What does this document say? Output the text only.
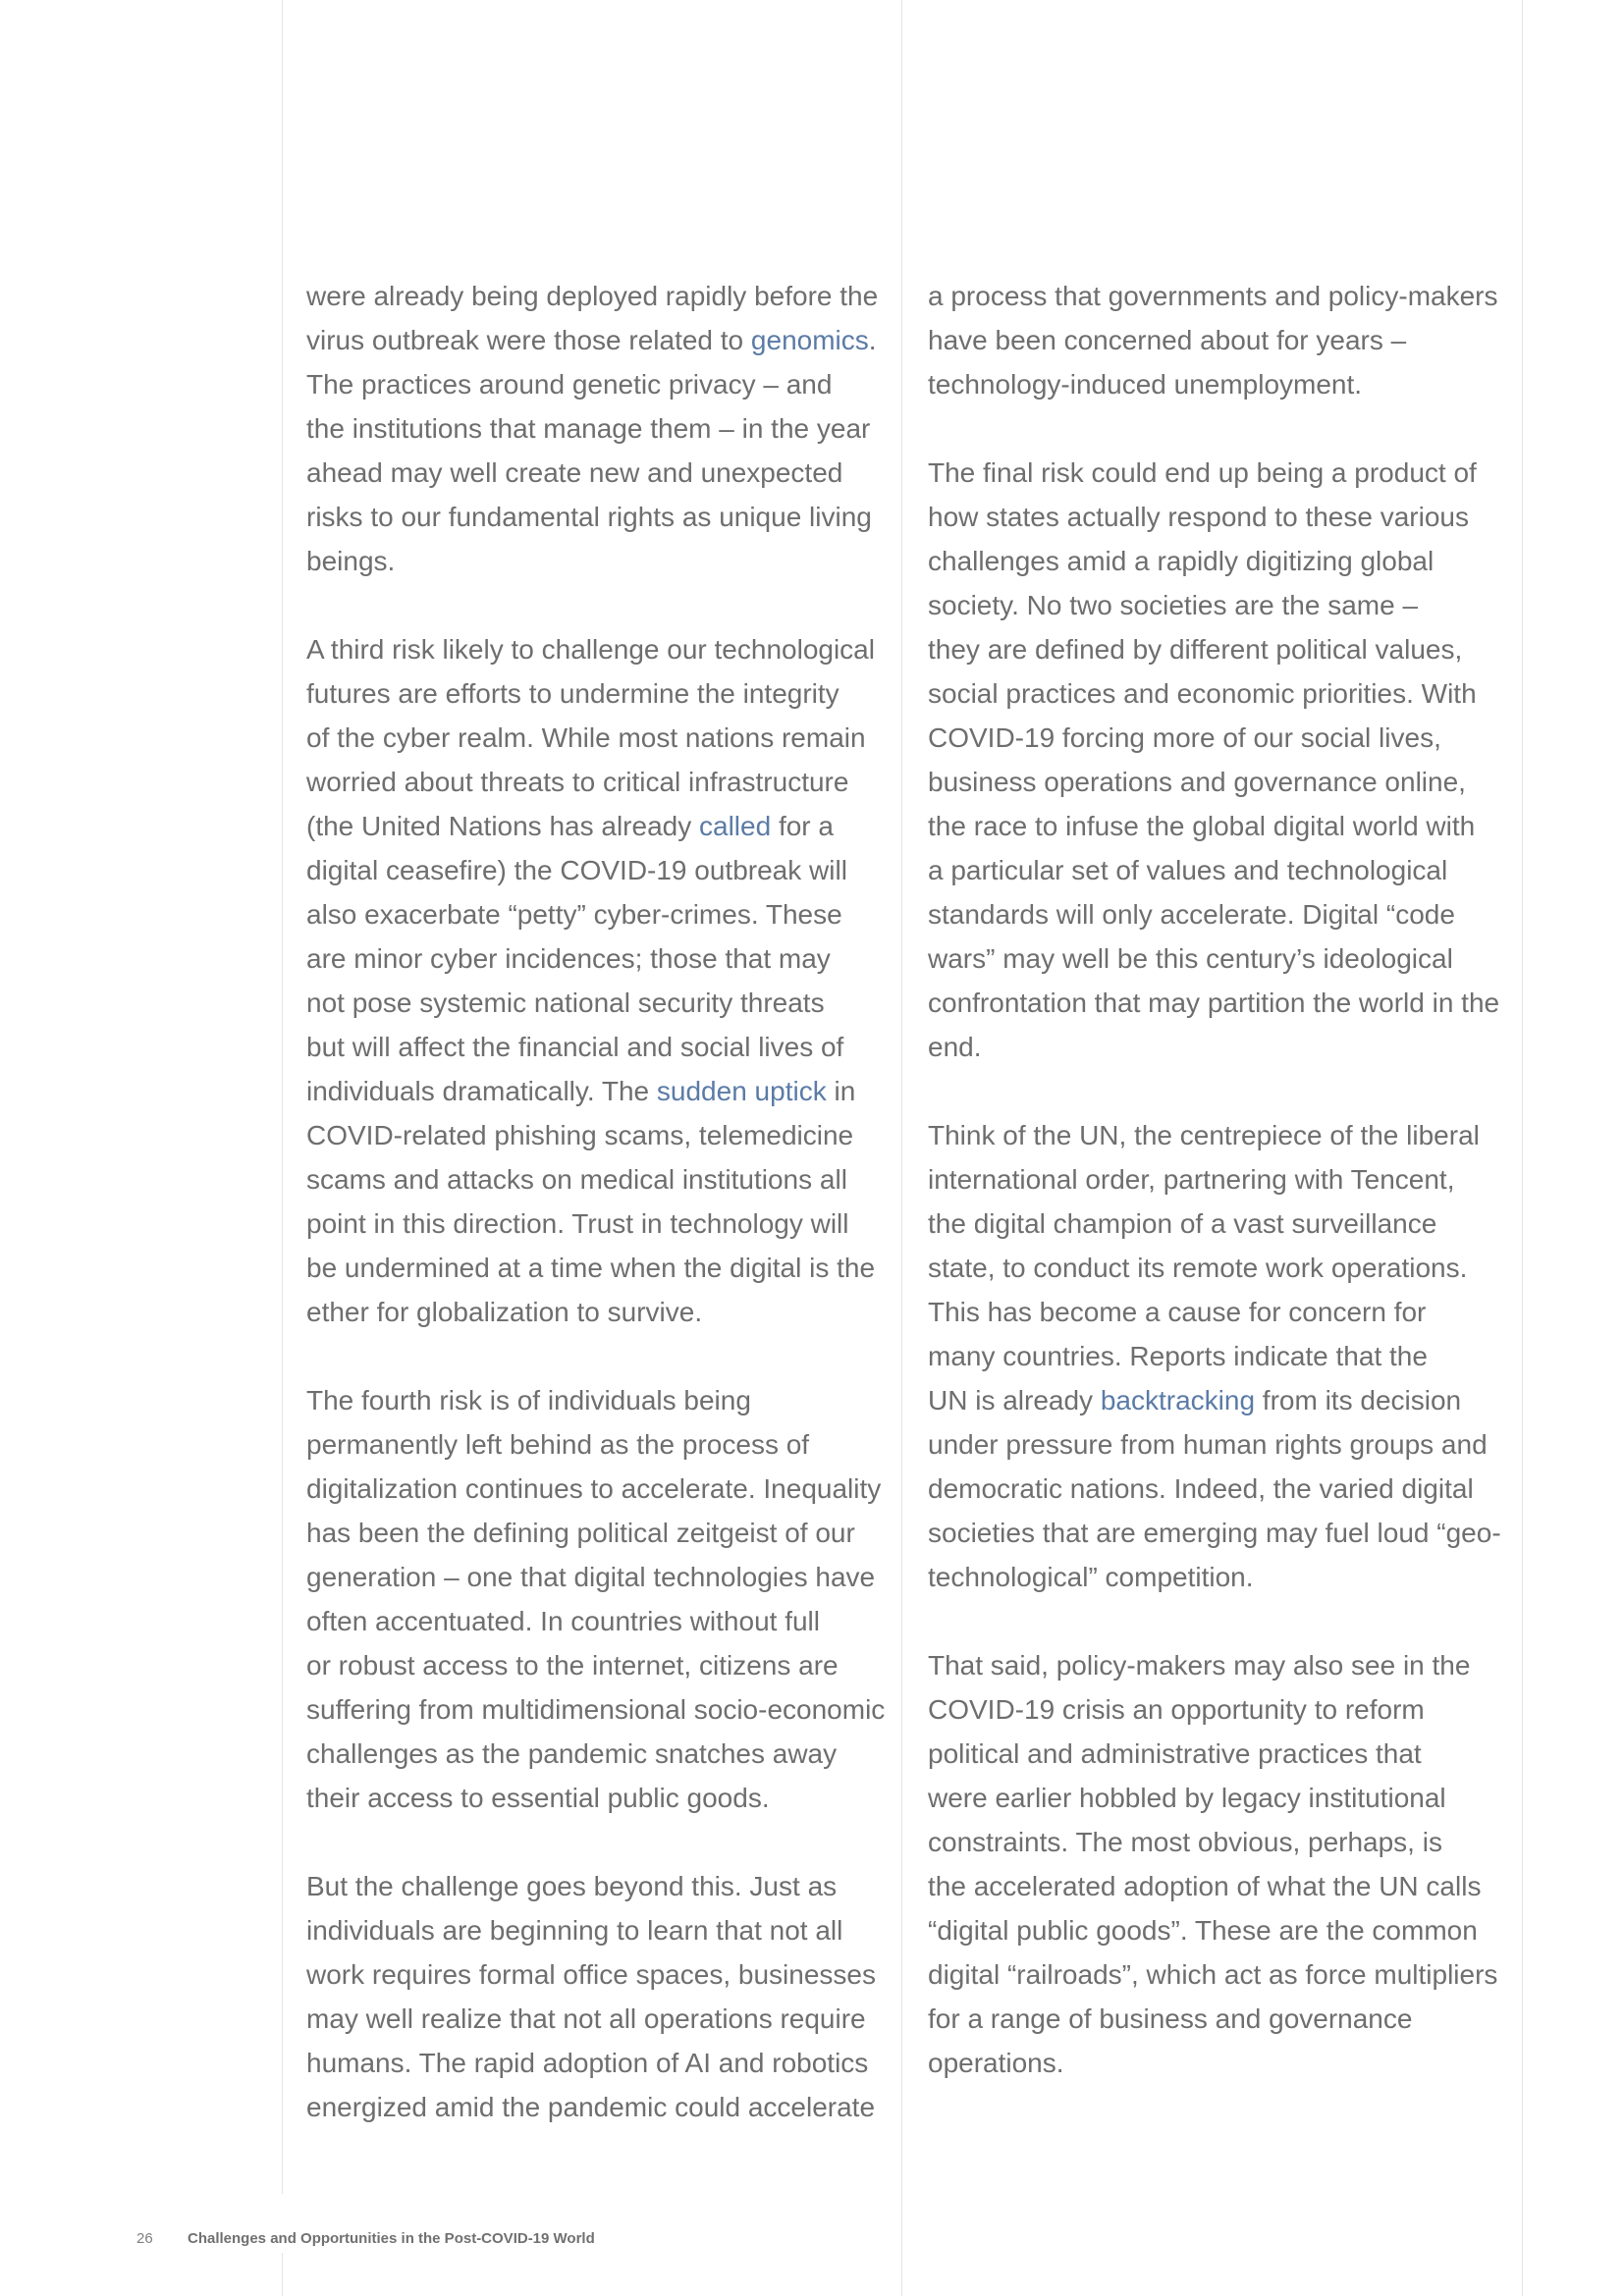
were already being deployed rapidly before the
virus outbreak were those related to genomics.
The practices around genetic privacy – and
the institutions that manage them – in the year
ahead may well create new and unexpected
risks to our fundamental rights as unique living
beings.

A third risk likely to challenge our technological
futures are efforts to undermine the integrity
of the cyber realm. While most nations remain
worried about threats to critical infrastructure
(the United Nations has already called for a
digital ceasefire) the COVID-19 outbreak will
also exacerbate “petty” cyber-crimes. These
are minor cyber incidences; those that may
not pose systemic national security threats
but will affect the financial and social lives of
individuals dramatically. The sudden uptick in
COVID-related phishing scams, telemedicine
scams and attacks on medical institutions all
point in this direction. Trust in technology will
be undermined at a time when the digital is the
ether for globalization to survive.

The fourth risk is of individuals being
permanently left behind as the process of
digitalization continues to accelerate. Inequality
has been the defining political zeitgeist of our
generation – one that digital technologies have
often accentuated. In countries without full
or robust access to the internet, citizens are
suffering from multidimensional socio-economic
challenges as the pandemic snatches away
their access to essential public goods.

But the challenge goes beyond this. Just as
individuals are beginning to learn that not all
work requires formal office spaces, businesses
may well realize that not all operations require
humans. The rapid adoption of AI and robotics
energized amid the pandemic could accelerate

a process that governments and policy-makers
have been concerned about for years –
technology-induced unemployment.

The final risk could end up being a product of
how states actually respond to these various
challenges amid a rapidly digitizing global
society. No two societies are the same –
they are defined by different political values,
social practices and economic priorities. With
COVID-19 forcing more of our social lives,
business operations and governance online,
the race to infuse the global digital world with
a particular set of values and technological
standards will only accelerate. Digital “code
wars” may well be this century’s ideological
confrontation that may partition the world in the
end.

Think of the UN, the centrepiece of the liberal
international order, partnering with Tencent,
the digital champion of a vast surveillance
state, to conduct its remote work operations.
This has become a cause for concern for
many countries. Reports indicate that the
UN is already backtracking from its decision
under pressure from human rights groups and
democratic nations. Indeed, the varied digital
societies that are emerging may fuel loud “geo-
technological” competition.

That said, policy-makers may also see in the
COVID-19 crisis an opportunity to reform
political and administrative practices that
were earlier hobbled by legacy institutional
constraints. The most obvious, perhaps, is
the accelerated adoption of what the UN calls
“digital public goods”. These are the common
digital “railroads”, which act as force multipliers
for a range of business and governance
operations.

26 Challenges and Opportunities in the Post-COVID-19 World
